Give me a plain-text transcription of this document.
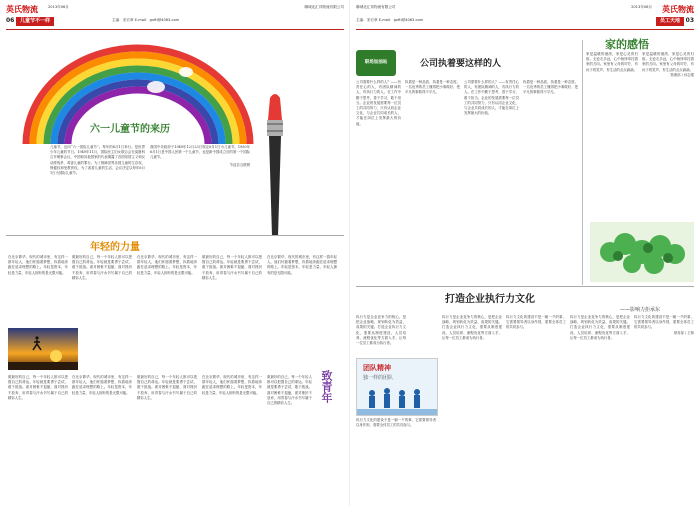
英氏物流	2013年06月	聊城北汇邦物流有限公司
06	儿童节不一样	主编：宋宏章 E-mail：gxftl@4063.com
六一儿童节的来历
儿童节，也叫“六一国际儿童节”。每年的6月1日举行。是世界少年儿童的节日。1949年11月，国际民主妇女联合会在莫斯科召开理事会议，中国和其他国家的代表揭露了各国帝国主义和反动派残杀、毒害儿童的罪行。为了保障世界各国儿童的生存权、保健权和受教育权，为了改善儿童的生活，会议决定以每年6月1日为国际儿童节。
我国中央政府于1949年12月23日规定6月1日为儿童节。1950年6月1日是中国人民第一个儿童节，也是新中国成立后的第一个国际儿童节。
节选自互联网
年轻的力量
在北京繁华、现代的城市里，有这样一群年轻人，他们怀揣着梦想，执着地奔跑在追求理想的路上。年轻是资本，年轻是力量，年轻人拥有的是无限可能。
做最好的自己，每一个年轻人都可以把握自己的命运。年轻就是要勇于尝试，敢于挑战。面对困难不退缩，面对挫折不放弃，用青春与汗水书写属于自己的精彩人生。
在北京繁华、现代的城市里，有这样一群年轻人，他们怀揣着梦想，执着地奔跑在追求理想的路上。年轻是资本，年轻是力量，年轻人拥有的是无限可能。
做最好的自己，每一个年轻人都可以把握自己的命运。年轻就是要勇于尝试，敢于挑战。面对困难不退缩，面对挫折不放弃，用青春与汗水书写属于自己的精彩人生。
在北京繁华、现代的城市里，有这样一群年轻人，他们怀揣着梦想，执着地奔跑在追求理想的路上。年轻是资本，年轻是力量，年轻人拥有的是无限可能。
做最好的自己，每一个年轻人都可以把握自己的命运。年轻就是要勇于尝试，敢于挑战。面对困难不退缩，面对挫折不放弃，用青春与汗水书写属于自己的精彩人生。
在北京繁华、现代的城市里，有这样一群年轻人，他们怀揣着梦想，执着地奔跑在追求理想的路上。年轻是资本，年轻是力量，年轻人拥有的是无限可能。
做最好的自己，每一个年轻人都可以把握自己的命运。年轻就是要勇于尝试，敢于挑战。面对困难不退缩，面对挫折不放弃，用青春与汗水书写属于自己的精彩人生。
在北京繁华、现代的城市里，有这样一群年轻人，他们怀揣着梦想，执着地奔跑在追求理想的路上。年轻是资本，年轻是力量，年轻人拥有的是无限可能。
做最好的自己，每一个年轻人都可以把握自己的命运。年轻就是要勇于尝试，敢于挑战。面对困难不退缩，面对挫折不放弃，用青春与汗水书写属于自己的精彩人生。
致青年
聊城北汇邦物流有限公司	2013年06月 英氏物流
主编：宋宏章 E-mail：gxftl@4063.com	员工天地 03
职场加油站	公司执着要这样的人
公司需要什么样的人？——有责任心的人，有团队精神的人，有执行力的人。在工作中勤于思考，善于学习，敢于担当。企业的发展需要每一位员工的共同努力，只有认同企业文化、与企业共同成长的人，才能在岗位上发挥最大的价值。
执着是一种品质，执着是一种态度。一名优秀的员工懂得把小事做好、把平凡的事做得不平凡。
公司需要什么样的人？——有责任心的人，有团队精神的人，有执行力的人。在工作中勤于思考，善于学习，敢于担当。企业的发展需要每一位员工的共同努力，只有认同企业文化、与企业共同成长的人，才能在岗位上发挥最大的价值。
执着是一种品质，执着是一种态度。一名优秀的员工懂得把小事做好、把平凡的事做得不平凡。
家的感悟
家是温暖的港湾，家是心灵的归宿。无论走多远，心中始终牵挂着家的方向。家里有父母的叮咛，有孩子的笑声，有生活的点点滴滴。
家是温暖的港湾，家是心灵的归宿。无论走多远，心中始终牵挂着家的方向。家里有父母的叮咛，有孩子的笑声，有生活的点点滴滴。
物流部 / 孙志强
打造企业执行力文化
——影响力拒承东
执行力是企业竞争力的核心，是把企业战略、规划转化为效益、成果的关键。打造企业执行力文化，需要从制度建设、人员培养、流程优化等方面入手，让每一位员工都成为执行者。
团队精神
独一样的团队
执行力文化的建设不是一朝一夕的事，它需要领导者以身作则，需要全体员工的共同参与。
执行力是企业竞争力的核心，是把企业战略、规划转化为效益、成果的关键。打造企业执行力文化，需要从制度建设、人员培养、流程优化等方面入手，让每一位员工都成为执行者。
执行力文化的建设不是一朝一夕的事，它需要领导者以身作则，需要全体员工的共同参与。
执行力是企业竞争力的核心，是把企业战略、规划转化为效益、成果的关键。打造企业执行力文化，需要从制度建设、人员培养、流程优化等方面入手，让每一位员工都成为执行者。
执行力文化的建设不是一朝一夕的事，它需要领导者以身作则，需要全体员工的共同参与。
财务部 / 王林
